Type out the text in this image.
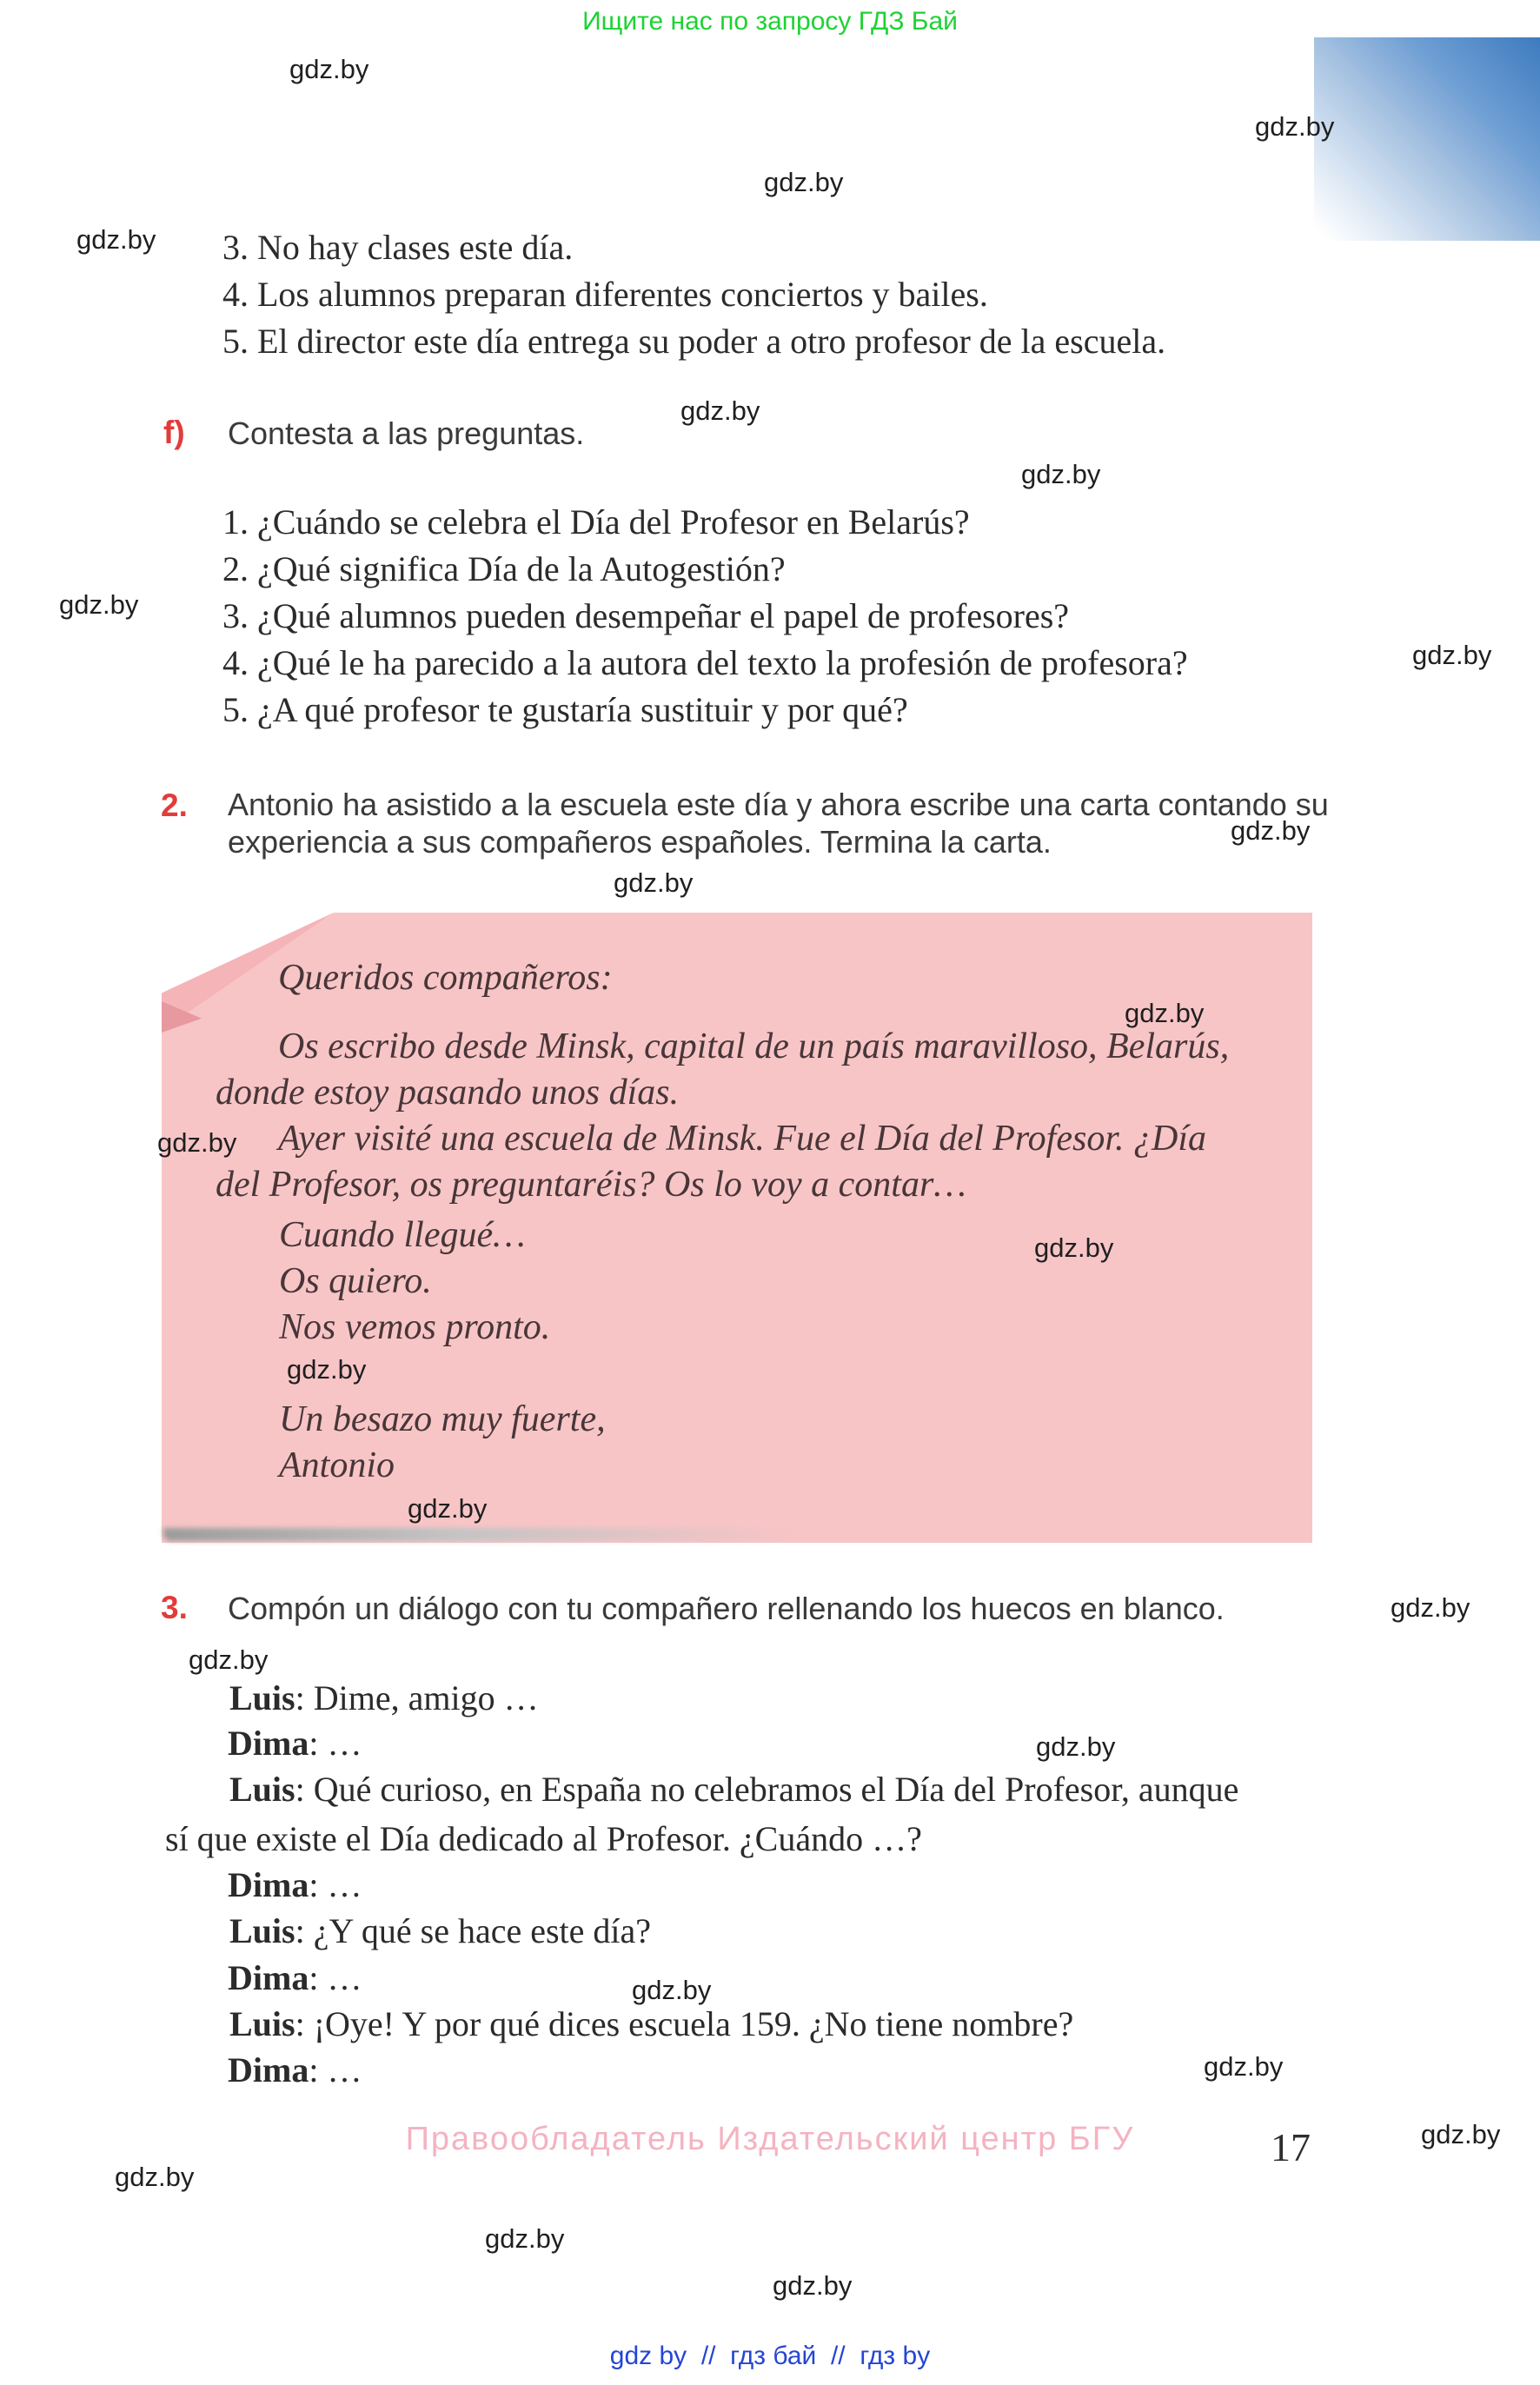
Ищите нас по запросу ГДЗ Бай
gdz.by
gdz.by
gdz.by
gdz.by
gdz.by
gdz.by
gdz.by
gdz.by
gdz.by
gdz.by
gdz.by
gdz.by
gdz.by
gdz.by
gdz.by
gdz.by
gdz.by
gdz.by
gdz.by
gdz.by
gdz.by
gdz.by
gdz.by
gdz.by
3. No hay clases este día.
4. Los alumnos preparan diferentes conciertos y bailes.
5. El director este día entrega su poder a otro profesor de la escuela.
f) Contesta a las preguntas.
1. ¿Cuándo se celebra el Día del Profesor en Belarús?
2. ¿Qué significa Día de la Autogestión?
3. ¿Qué alumnos pueden desempeñar el papel de profesores?
4. ¿Qué le ha parecido a la autora del texto la profesión de profesora?
5. ¿A qué profesor te gustaría sustituir y por qué?
2. Antonio ha asistido a la escuela este día y ahora escribe una carta contando su
experiencia a sus compañeros españoles. Termina la carta.
Queridos compañeros:
Os escribo desde Minsk, capital de un país maravilloso, Belarús,
donde estoy pasando unos días.
Ayer visité una escuela de Minsk. Fue el Día del Profesor. ¿Día
del Profesor, os preguntaréis? Os lo voy a contar…
Cuando llegué…
Os quiero.
Nos vemos pronto.
Un besazo muy fuerte,
Antonio
3. Compón un diálogo con tu compañero rellenando los huecos en blanco.
Luis: Dime, amigo …
Dima: …
Luis: Qué curioso, en España no celebramos el Día del Profesor, aunque
sí que existe el Día dedicado al Profesor. ¿Cuándo …?
Dima: …
Luis: ¿Y qué se hace este día?
Dima: …
Luis: ¡Oye! Y por qué dices escuela 159. ¿No tiene nombre?
Dima: …
Правообладатель Издательский центр БГУ	17
gdz by  //  гдз бай  //  гдз by
